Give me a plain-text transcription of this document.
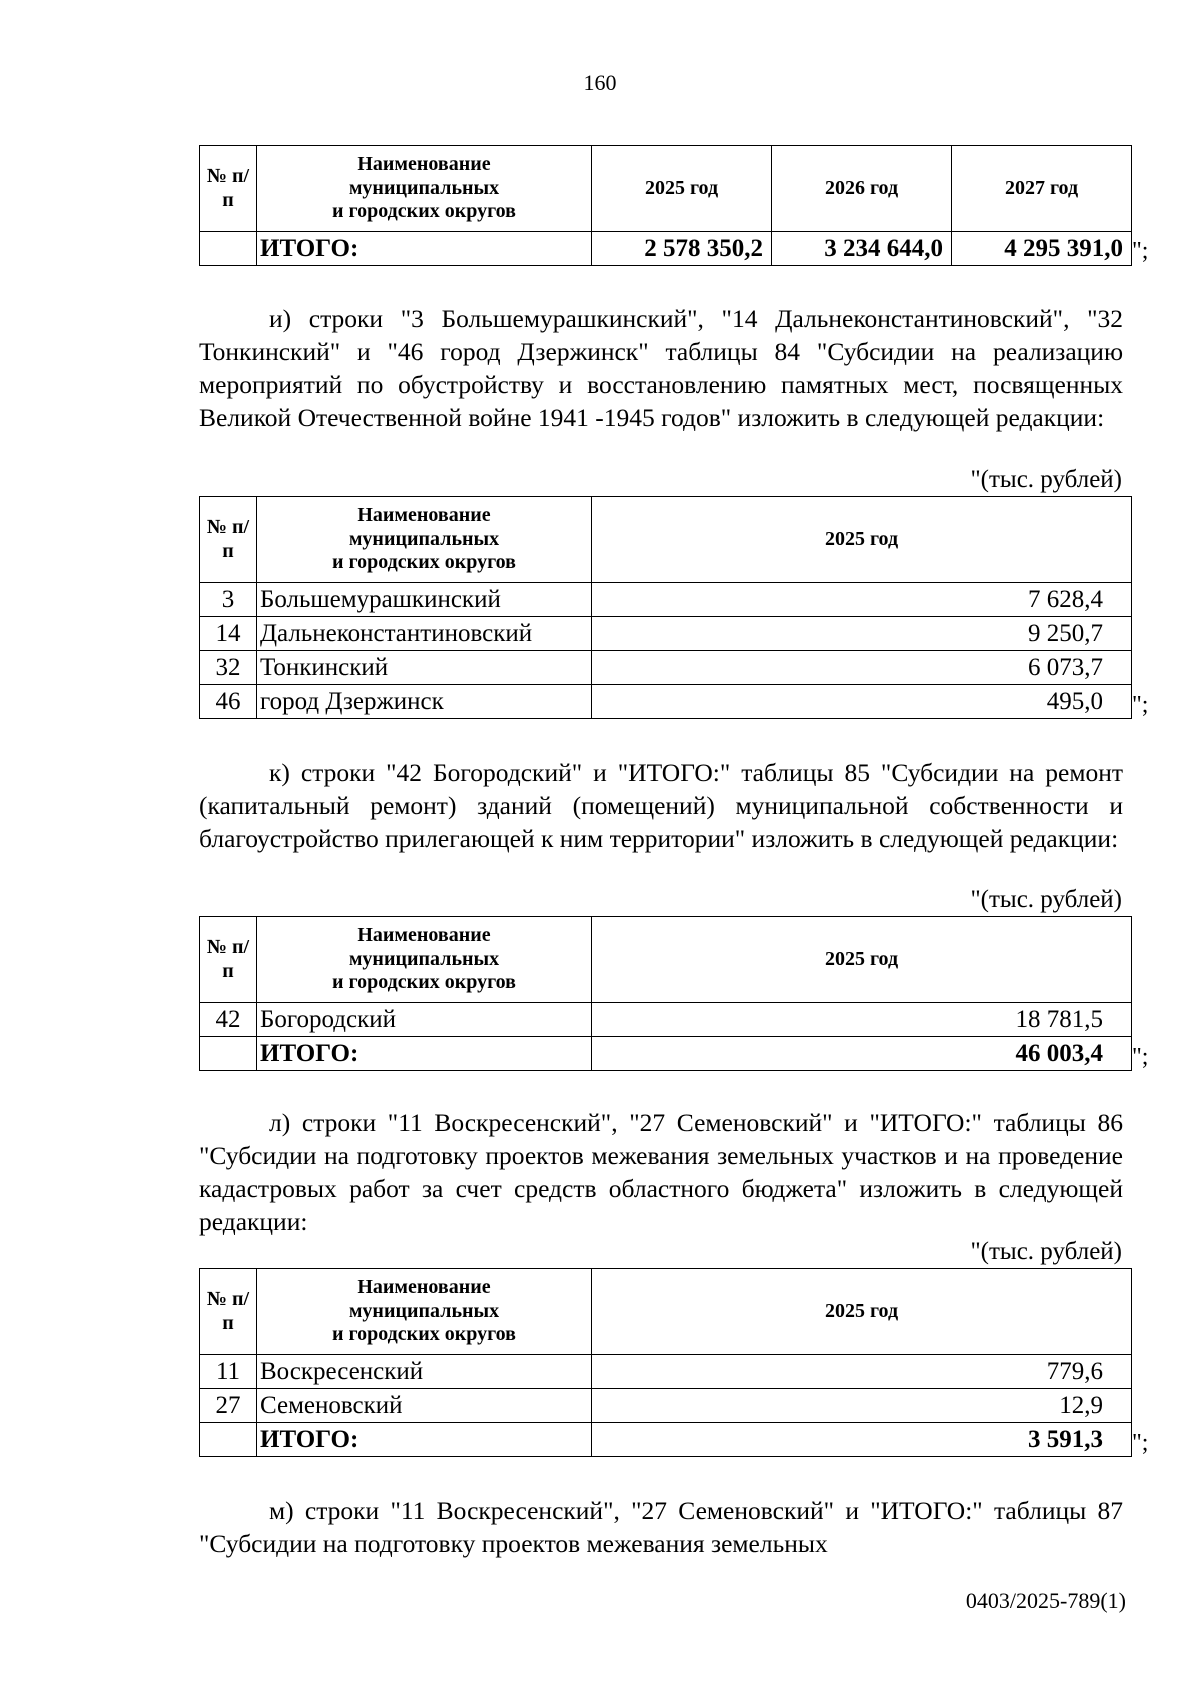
160
№ п/п	Наименование
муниципальных
и городских округов	2025 год	2026 год	2027 год
	ИТОГО:	2 578 350,2	3 234 644,0	4 295 391,0 ";
и) строки "3 Большемурашкинский", "14 Дальнеконстантиновский", "32 Тонкинский" и "46 город Дзержинск" таблицы 84 "Субсидии на реализацию мероприятий по обустройству и восстановлению памятных мест, посвященных Великой Отечественной войне 1941 -1945 годов" изложить в следующей редакции:
"(тыс. рублей)
№ п/п	Наименование
муниципальных
и городских округов	2025 год
3	Большемурашкинский	7 628,4
14	Дальнеконстантиновский	9 250,7
32	Тонкинский	6 073,7
46	город Дзержинск	495,0 ";
к) строки "42 Богородский" и "ИТОГО:" таблицы 85 "Субсидии на ремонт (капитальный ремонт) зданий (помещений) муниципальной собственности и благоустройство прилегающей к ним территории" изложить в следующей редакции:
"(тыс. рублей)
№ п/п	Наименование
муниципальных
и городских округов	2025 год
42	Богородский	18 781,5
	ИТОГО:	46 003,4 ";
л) строки "11 Воскресенский", "27 Семеновский" и "ИТОГО:" таблицы 86 "Субсидии на подготовку проектов межевания земельных участков и на проведение кадастровых работ за счет средств областного бюджета" изложить в следующей редакции:
"(тыс. рублей)
№ п/п	Наименование
муниципальных
и городских округов	2025 год
11	Воскресенский	779,6
27	Семеновский	12,9
	ИТОГО:	3 591,3 ";
м) строки "11 Воскресенский", "27 Семеновский" и "ИТОГО:" таблицы 87 "Субсидии на подготовку проектов межевания земельных
0403/2025-789(1)
